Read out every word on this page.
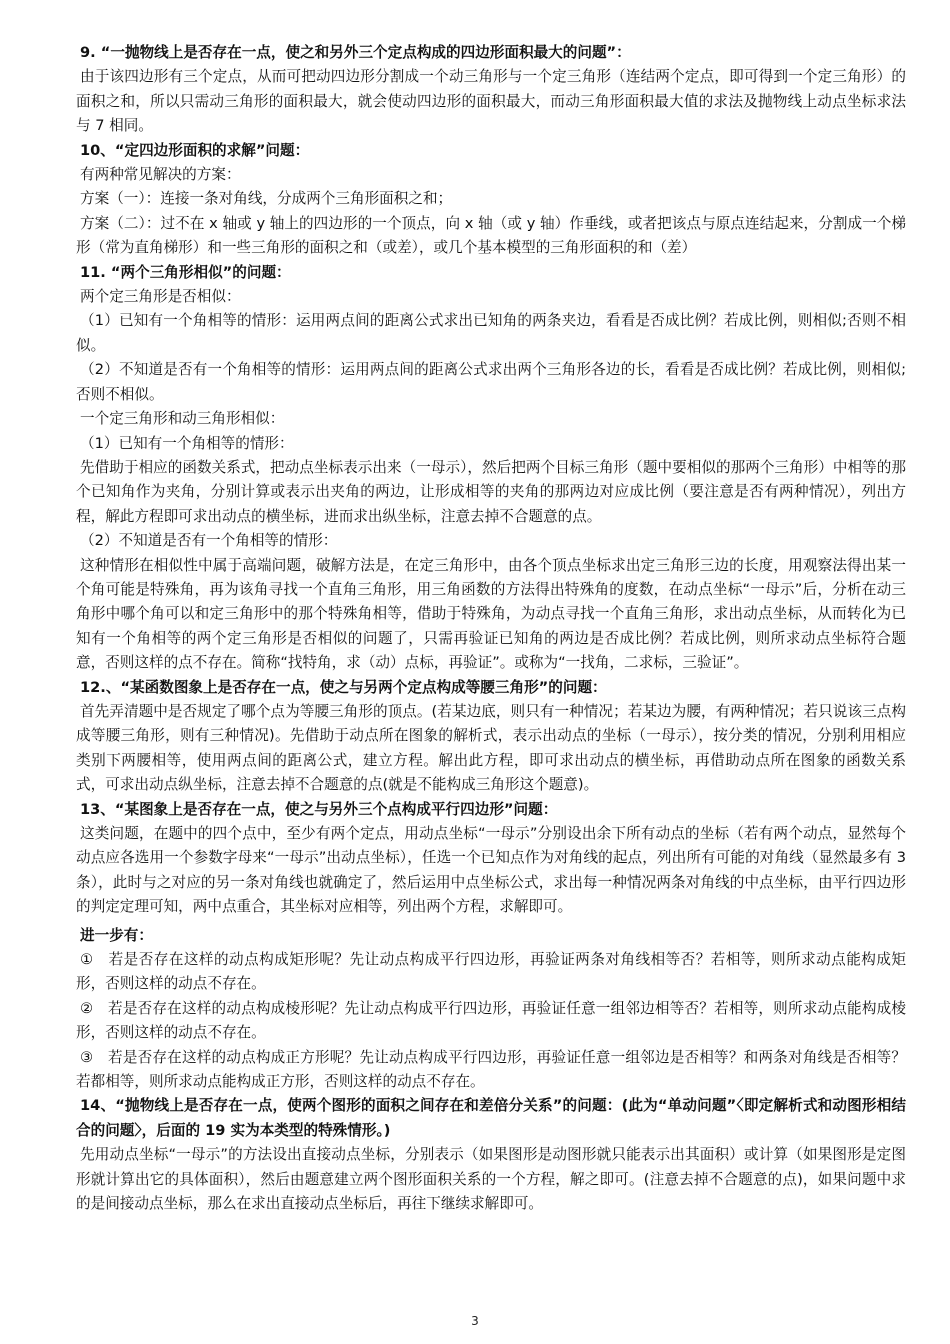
9. “一抛物线上是否存在一点，使之和另外三个定点构成的四边形面积最大的问题”：

由于该四边形有三个定点，从而可把动四边形分割成一个动三角形与一个定三角形（连结两个定点，即可得到一个定三角形）的面积之和，所以只需动三角形的面积最大，就会使动四边形的面积最大，而动三角形面积最大值的求法及抛物线上动点坐标求法与 7 相同。

10、“定四边形面积的求解”问题：

有两种常见解决的方案：

方案（一）：连接一条对角线，分成两个三角形面积之和；

方案（二）：过不在 x 轴或 y 轴上的四边形的一个顶点，向 x 轴（或 y 轴）作垂线，或者把该点与原点连结起来，分割成一个梯形（常为直角梯形）和一些三角形的面积之和（或差），或几个基本模型的三角形面积的和（差）

11. “两个三角形相似”的问题：

两个定三角形是否相似：

（1）已知有一个角相等的情形：运用两点间的距离公式求出已知角的两条夹边，看看是否成比例？若成比例，则相似;否则不相似。

（2）不知道是否有一个角相等的情形：运用两点间的距离公式求出两个三角形各边的长，看看是否成比例？若成比例，则相似;否则不相似。

一个定三角形和动三角形相似：

（1）已知有一个角相等的情形：

先借助于相应的函数关系式，把动点坐标表示出来（一母示），然后把两个目标三角形（题中要相似的那两个三角形）中相等的那个已知角作为夹角，分别计算或表示出夹角的两边，让形成相等的夹角的那两边对应成比例（要注意是否有两种情况），列出方程，解此方程即可求出动点的横坐标，进而求出纵坐标，注意去掉不合题意的点。

（2）不知道是否有一个角相等的情形：

这种情形在相似性中属于高端问题，破解方法是，在定三角形中，由各个顶点坐标求出定三角形三边的长度，用观察法得出某一个角可能是特殊角，再为该角寻找一个直角三角形，用三角函数的方法得出特殊角的度数，在动点坐标“一母示”后，分析在动三角形中哪个角可以和定三角形中的那个特殊角相等，借助于特殊角，为动点寻找一个直角三角形，求出动点坐标，从而转化为已知有一个角相等的两个定三角形是否相似的问题了，只需再验证已知角的两边是否成比例？若成比例，则所求动点坐标符合题意，否则这样的点不存在。简称“找特角，求（动）点标，再验证”。或称为“一找角，二求标，三验证”。

12.、“某函数图象上是否存在一点，使之与另两个定点构成等腰三角形”的问题：

首先弄清题中是否规定了哪个点为等腰三角形的顶点。(若某边底，则只有一种情况；若某边为腰，有两种情况；若只说该三点构成等腰三角形，则有三种情况)。先借助于动点所在图象的解析式，表示出动点的坐标（一母示），按分类的情况，分别利用相应类别下两腰相等，使用两点间的距离公式，建立方程。解出此方程，即可求出动点的横坐标，再借助动点所在图象的函数关系式，可求出动点纵坐标，注意去掉不合题意的点(就是不能构成三角形这个题意)。

13、“某图象上是否存在一点，使之与另外三个点构成平行四边形”问题：

这类问题，在题中的四个点中，至少有两个定点，用动点坐标“一母示”分别设出余下所有动点的坐标（若有两个动点，显然每个动点应各选用一个参数字母来“一母示”出动点坐标），任选一个已知点作为对角线的起点，列出所有可能的对角线（显然最多有 3 条），此时与之对应的另一条对角线也就确定了，然后运用中点坐标公式，求出每一种情况两条对角线的中点坐标，由平行四边形的判定定理可知，两中点重合，其坐标对应相等，列出两个方程，求解即可。

进一步有：

①　若是否存在这样的动点构成矩形呢？先让动点构成平行四边形，再验证两条对角线相等否？若相等，则所求动点能构成矩形，否则这样的动点不存在。

②　若是否存在这样的动点构成棱形呢？先让动点构成平行四边形，再验证任意一组邻边相等否？若相等，则所求动点能构成棱形，否则这样的动点不存在。

③　若是否存在这样的动点构成正方形呢？先让动点构成平行四边形，再验证任意一组邻边是否相等？和两条对角线是否相等？若都相等，则所求动点能构成正方形，否则这样的动点不存在。

14、“抛物线上是否存在一点，使两个图形的面积之间存在和差倍分关系”的问题：(此为“单动问题”〈即定解析式和动图形相结合的问题〉，后面的 19 实为本类型的特殊情形。)

先用动点坐标“一母示”的方法设出直接动点坐标，分别表示（如果图形是动图形就只能表示出其面积）或计算（如果图形是定图形就计算出它的具体面积），然后由题意建立两个图形面积关系的一个方程，解之即可。(注意去掉不合题意的点)，如果问题中求的是间接动点坐标，那么在求出直接动点坐标后，再往下继续求解即可。

3
